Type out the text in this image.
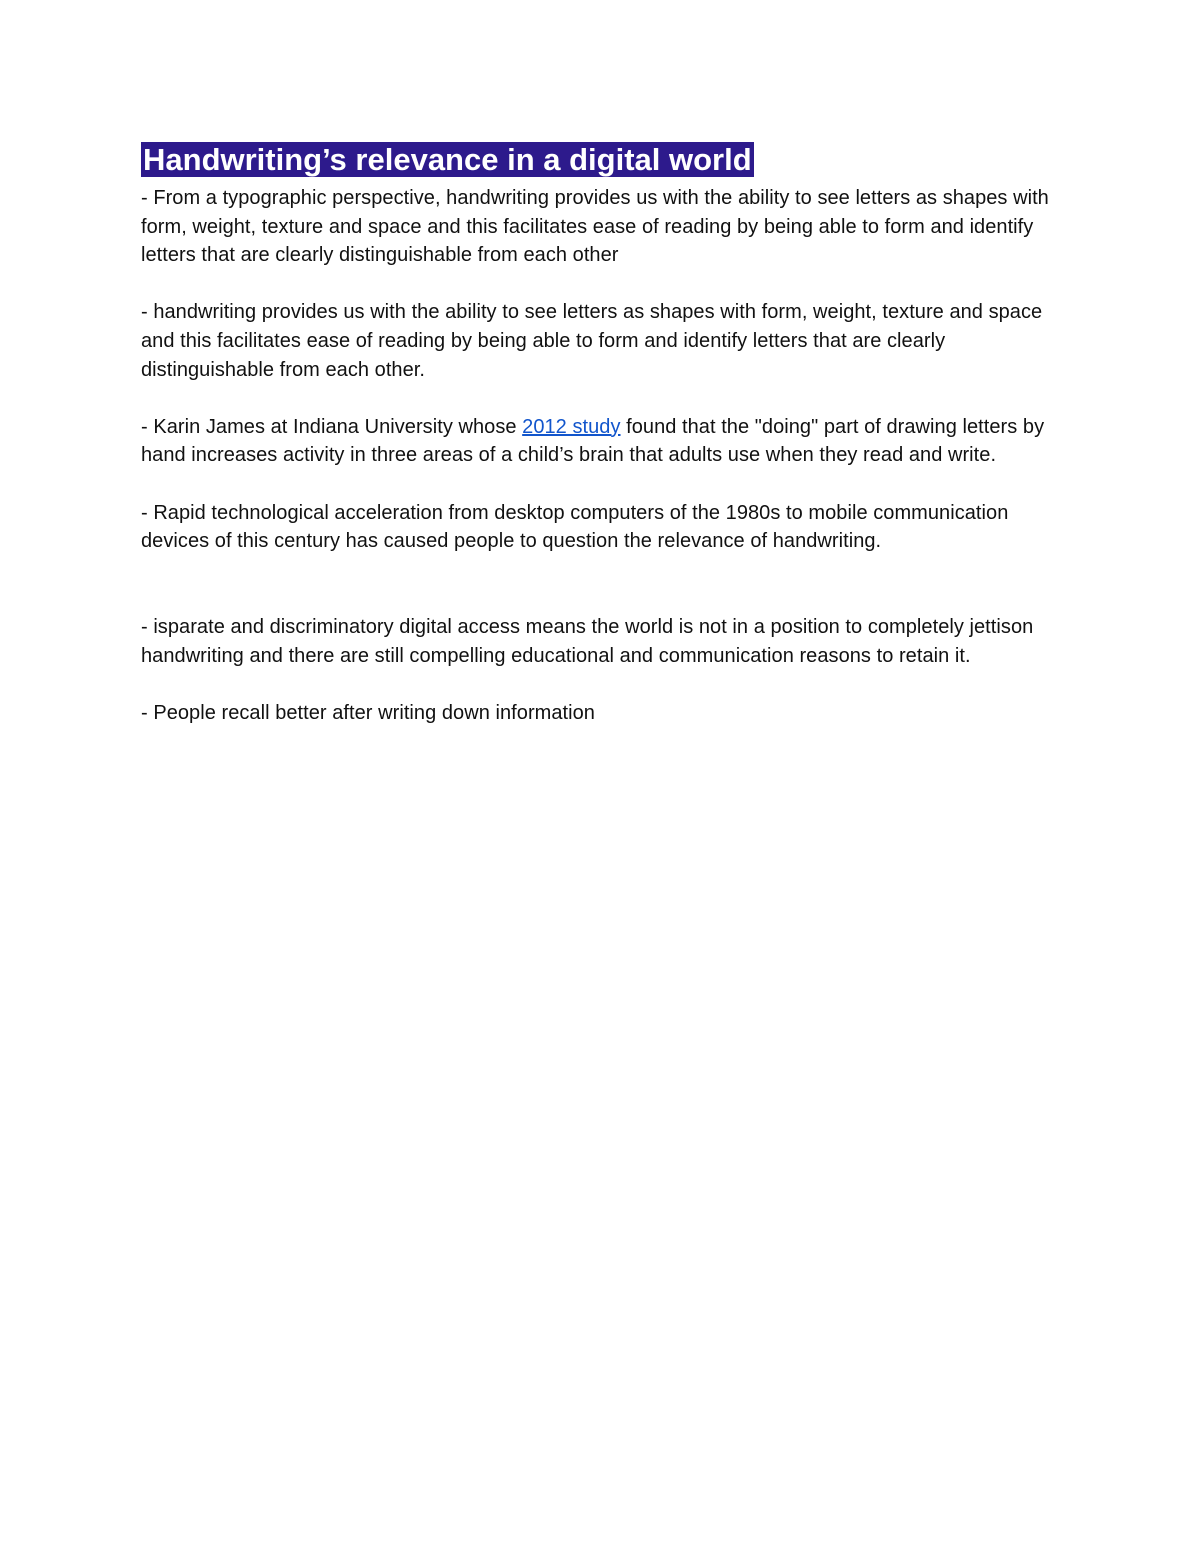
Handwriting’s relevance in a digital world

- From a typographic perspective, handwriting provides us with the ability to see letters as shapes with form, weight, texture and space and this facilitates ease of reading by being able to form and identify letters that are clearly distinguishable from each other

- handwriting provides us with the ability to see letters as shapes with form, weight, texture and space and this facilitates ease of reading by being able to form and identify letters that are clearly distinguishable from each other.

- Karin James at Indiana University whose 2012 study found that the "doing" part of drawing letters by hand increases activity in three areas of a child’s brain that adults use when they read and write.

- Rapid technological acceleration from desktop computers of the 1980s to mobile communication devices of this century has caused people to question the relevance of handwriting.

- isparate and discriminatory digital access means the world is not in a position to completely jettison handwriting and there are still compelling educational and communication reasons to retain it.

- People recall better after writing down information
